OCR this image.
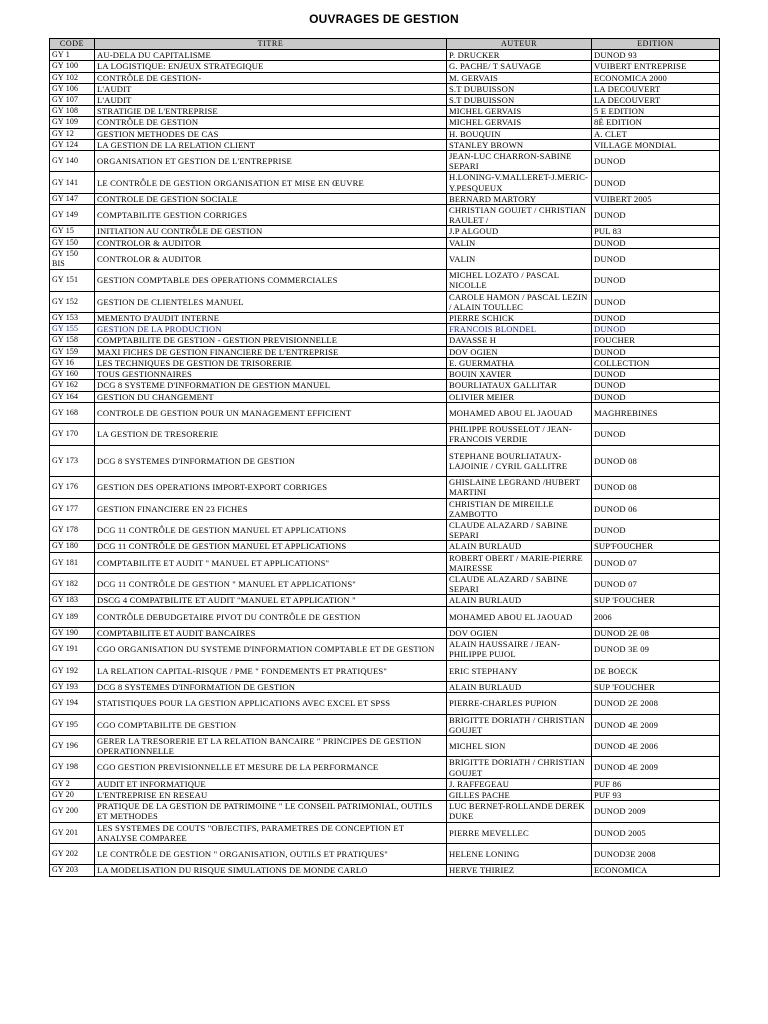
OUVRAGES DE GESTION
CODE	TITRE	AUTEUR	EDITION
GY 1	AU-DELA DU CAPITALISME	P. DRUCKER	DUNOD 93
GY 100	LA LOGISTIQUE: ENJEUX STRATEGIQUE	G. PACHE/ T SAUVAGE	VUIBERT ENTREPRISE
GY 102	CONTRÔLE DE GESTION-	M. GERVAIS	ECONOMICA 2000
GY 106	L'AUDIT	S.T DUBUISSON	LA DECOUVERT
GY 107	L'AUDIT	S.T DUBUISSON	LA DECOUVERT
GY 108	STRATIGIE DE L'ENTREPRISE	MICHEL GERVAIS	5 E EDITION
GY 109	CONTRÔLE DE GESTION	MICHEL GERVAIS	8É EDITION
GY 12	GESTION METHODES DE CAS	H. BOUQUIN	A. CLET
GY 124	LA GESTION DE LA RELATION CLIENT	STANLEY BROWN	VILLAGE MONDIAL
GY 140	ORGANISATION ET GESTION DE L'ENTREPRISE	JEAN-LUC CHARRON-SABINE SEPARI	DUNOD
GY 141	LE CONTRÔLE DE GESTION ORGANISATION ET MISE EN ŒUVRE	H.LONING-V.MALLERET-J.MERIC-Y.PESQUEUX	DUNOD
GY 147	CONTROLE DE GESTION SOCIALE	BERNARD MARTORY	VUIBERT 2005
GY 149	COMPTABILITE GESTION CORRIGES	CHRISTIAN GOUJET / CHRISTIAN RAULET /	DUNOD
GY 15	INITIATION AU CONTRÔLE DE GESTION	J.P ALGOUD	PUL 83
GY 150	CONTROLOR & AUDITOR	VALIN	DUNOD
GY 150 BIS	CONTROLOR & AUDITOR	VALIN	DUNOD
GY 151	GESTION COMPTABLE DES OPERATIONS COMMERCIALES	MICHEL LOZATO / PASCAL NICOLLE	DUNOD
GY 152	GESTION DE CLIENTELES MANUEL	CAROLE HAMON / PASCAL LEZIN / ALAIN TOULLEC	DUNOD
GY 153	MEMENTO D'AUDIT INTERNE	PIERRE SCHICK	DUNOD
GY 155	GESTION DE LA PRODUCTION	FRANCOIS BLONDEL	DUNOD
GY 158	COMPTABILITE DE GESTION - GESTION PREVISIONNELLE	DAVASSE H	FOUCHER
GY 159	MAXI FICHES DE GESTION FINANCIERE DE L'ENTREPRISE	DOV OGIEN	DUNOD
GY 16	LES TECHNIQUES DE GESTION DE TRISORERIE	E. GUERMATHA	COLLECTION
GY 160	TOUS GESTIONNAIRES	BOUIN XAVIER	DUNOD
GY 162	DCG 8 SYSTEME D'INFORMATION DE GESTION MANUEL	BOURLIATAUX GALLITAR	DUNOD
GY 164	GESTION DU CHANGEMENT	OLIVIER MEIER	DUNOD
GY 168	CONTROLE DE GESTION POUR UN MANAGEMENT EFFICIENT	MOHAMED ABOU EL JAOUAD	MAGHREBINES
GY 170	LA GESTION DE TRESORERIE	PHILIPPE ROUSSELOT / JEAN-FRANCOIS VERDIE	DUNOD
GY 173	DCG 8 SYSTEMES D'INFORMATION DE GESTION	STEPHANE BOURLIATAUX-LAJOINIE / CYRIL GALLITRE	DUNOD 08
GY 176	GESTION DES OPERATIONS IMPORT-EXPORT CORRIGES	GHISLAINE LEGRAND /HUBERT MARTINI	DUNOD 08
GY 177	GESTION FINANCIERE EN 23 FICHES	CHRISTIAN DE MIREILLE ZAMBOTTO	DUNOD 06
GY 178	DCG 11 CONTRÔLE DE GESTION MANUEL ET APPLICATIONS	CLAUDE ALAZARD / SABINE SEPARI	DUNOD
GY 180	DCG 11 CONTRÔLE DE GESTION MANUEL ET APPLICATIONS	ALAIN BURLAUD	SUP'FOUCHER
GY 181	COMPTABILITE ET AUDIT " MANUEL ET APPLICATIONS"	ROBERT OBERT / MARIE-PIERRE MAIRESSE	DUNOD 07
GY 182	DCG 11 CONTRÔLE DE GESTION " MANUEL ET APPLICATIONS"	CLAUDE ALAZARD / SABINE SEPARI	DUNOD 07
GY 183	DSCG 4 COMPATBILITE ET AUDIT "MANUEL ET APPLICATION "	ALAIN BURLAUD	SUP 'FOUCHER
GY 189	CONTRÔLE DEBUDGETAIRE PIVOT DU CONTRÔLE DE GESTION	MOHAMED ABOU EL JAOUAD	2006
GY 190	COMPTABILITE ET AUDIT BANCAIRES	DOV OGIEN	DUNOD 2E 08
GY 191	CGO ORGANISATION DU SYSTEME D'INFORMATION COMPTABLE ET DE GESTION	ALAIN HAUSSAIRE / JEAN-PHILIPPE PUJOL	DUNOD 3E 09
GY 192	LA RELATION CAPITAL-RISQUE / PME " FONDEMENTS ET PRATIQUES"	ERIC STEPHANY	DE BOECK
GY 193	DCG 8 SYSTEMES D'INFORMATION DE GESTION	ALAIN BURLAUD	SUP 'FOUCHER
GY 194	STATISTIQUES POUR LA GESTION APPLICATIONS AVEC EXCEL ET SPSS	PIERRE-CHARLES PUPION	DUNOD 2E 2008
GY 195	CGO COMPTABILITE DE GESTION	BRIGITTE DORIATH / CHRISTIAN GOUJET	DUNOD 4E 2009
GY 196	GERER LA TRESORERIE ET LA RELATION BANCAIRE " PRINCIPES DE GESTION OPERATIONNELLE	MICHEL SION	DUNOD 4E 2006
GY 198	CGO GESTION PREVISIONNELLE ET MESURE DE LA PERFORMANCE	BRIGITTE DORIATH / CHRISTIAN GOUJET	DUNOD 4E 2009
GY 2	AUDIT ET INFORMATIQUE	J. RAFFEGEAU	PUF 86
GY 20	L'ENTREPRISE EN RESEAU	GILLES PACHE	PUF 93
GY 200	PRATIQUE DE LA GESTION DE PATRIMOINE " LE CONSEIL PATRIMONIAL, OUTILS ET METHODES	LUC BERNET-ROLLANDE DEREK DUKE	DUNOD 2009
GY 201	LES SYSTEMES DE COUTS "OBJECTIFS, PARAMETRES DE CONCEPTION ET ANALYSE COMPAREE	PIERRE MEVELLEC	DUNOD 2005
GY 202	LE CONTRÔLE DE GESTION " ORGANISATION, OUTILS ET PRATIQUES"	HELENE LONING	DUNOD3E 2008
GY 203	LA MODELISATION DU RISQUE SIMULATIONS DE MONDE CARLO	HERVE THIRIEZ	ECONOMICA
